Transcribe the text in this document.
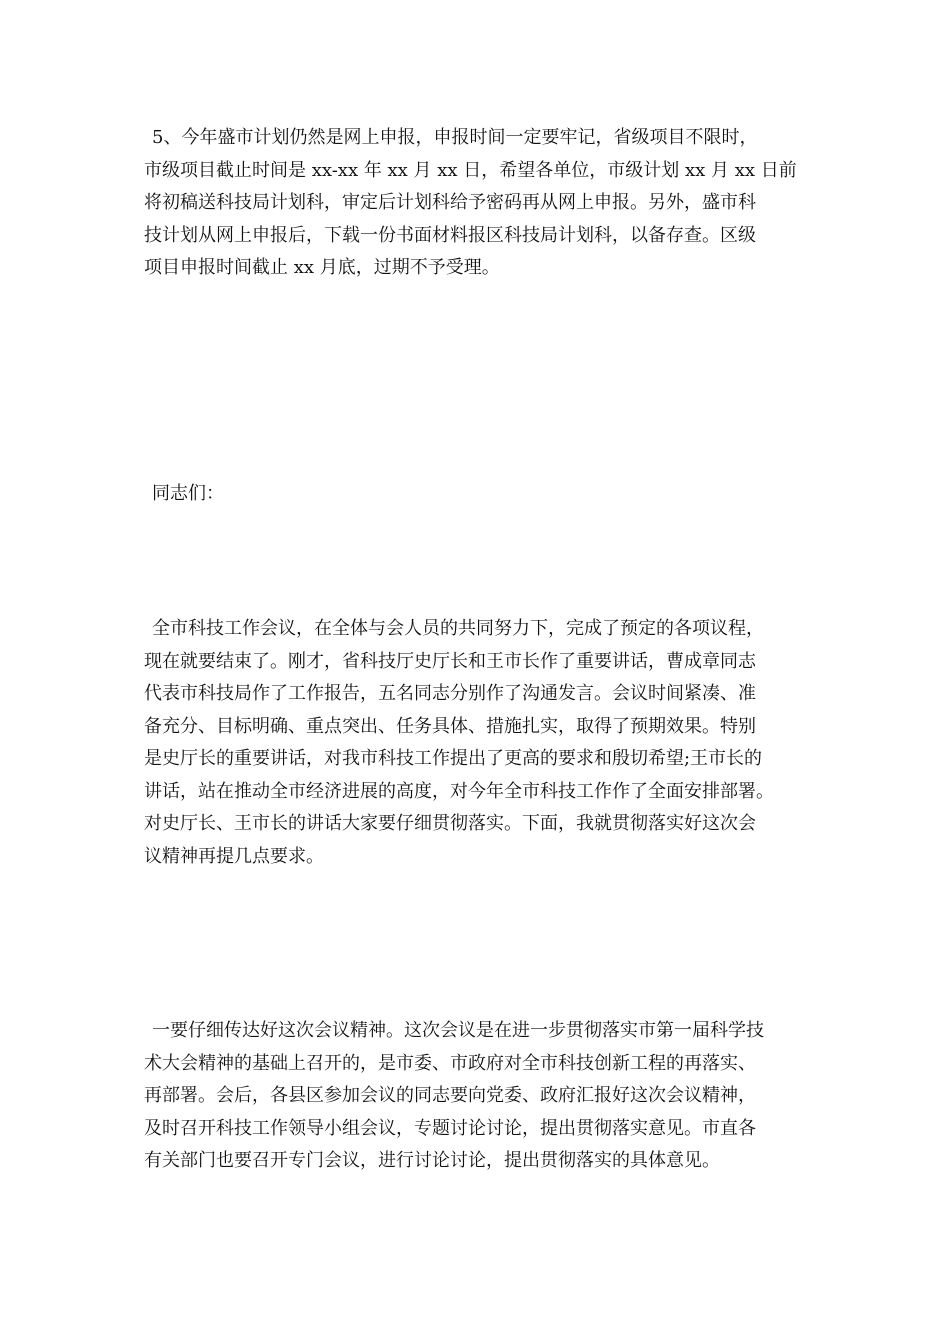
5、今年盛市计划仍然是网上申报，申报时间一定要牢记，省级项目不限时，
市级项目截止时间是 xx-xx 年 xx 月 xx 日，希望各单位，市级计划 xx 月 xx 日前
将初稿送科技局计划科，审定后计划科给予密码再从网上申报。另外，盛市科
技计划从网上申报后，下载一份书面材料报区科技局计划科，以备存查。区级
项目申报时间截止 xx 月底，过期不予受理。
同志们：
全市科技工作会议，在全体与会人员的共同努力下，完成了预定的各项议程，
现在就要结束了。刚才，省科技厅史厅长和王市长作了重要讲话，曹成章同志
代表市科技局作了工作报告，五名同志分别作了沟通发言。会议时间紧凑、准
备充分、目标明确、重点突出、任务具体、措施扎实，取得了预期效果。特别
是史厅长的重要讲话，对我市科技工作提出了更高的要求和殷切希望;王市长的
讲话，站在推动全市经济进展的高度，对今年全市科技工作作了全面安排部署。
对史厅长、王市长的讲话大家要仔细贯彻落实。下面，我就贯彻落实好这次会
议精神再提几点要求。
一要仔细传达好这次会议精神。这次会议是在进一步贯彻落实市第一届科学技
术大会精神的基础上召开的，是市委、市政府对全市科技创新工程的再落实、
再部署。会后，各县区参加会议的同志要向党委、政府汇报好这次会议精神，
及时召开科技工作领导小组会议，专题讨论讨论，提出贯彻落实意见。市直各
有关部门也要召开专门会议，进行讨论讨论，提出贯彻落实的具体意见。
